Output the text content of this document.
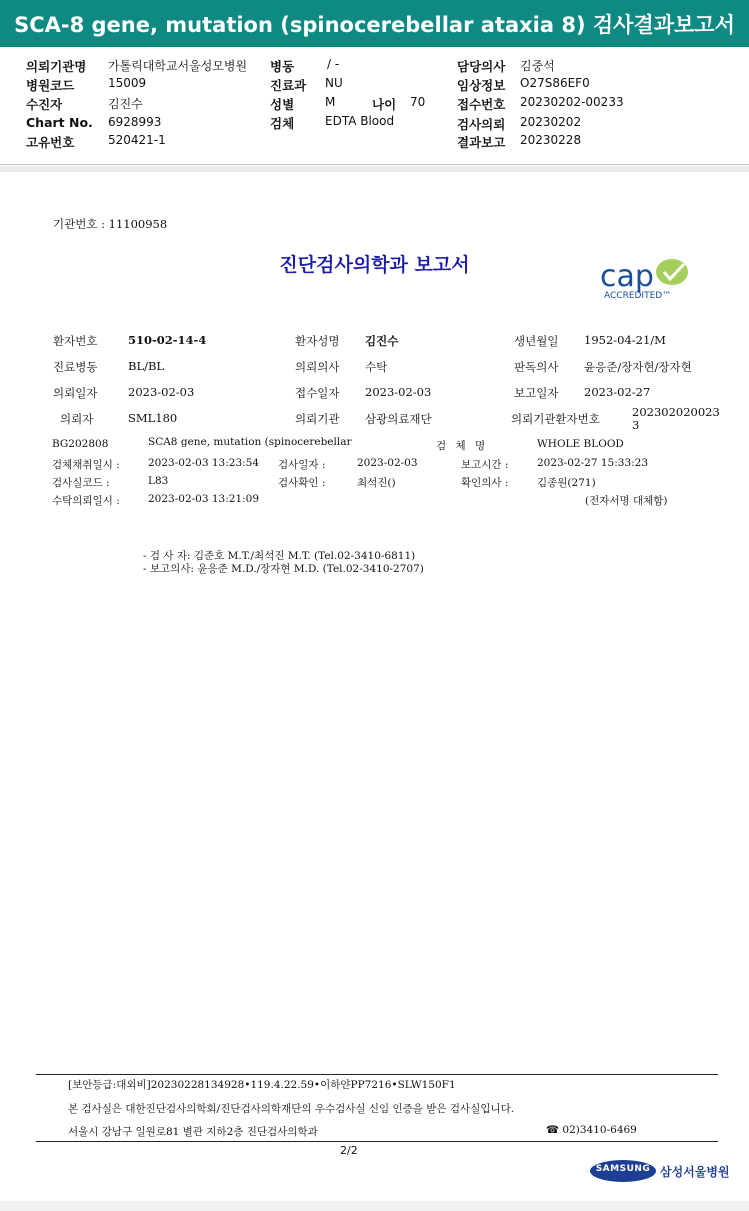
SCA-8 gene, mutation (spinocerebellar ataxia 8) 검사결과보고서
의뢰기관명 가톨릭대학교서울성모병원 병동	/ -	담당의사 김중석
병원코드	15009	진료과 NU	임상정보 O27S86EF0
수진자	김진수	성별	M	나이 70	접수번호 20230202-00233
Chart No. 6928993	검체	EDTA Blood	검사의뢰 20230202
고유번호	520421-1	결과보고 20230228
기관번호 : 11100958
진단검사의학과 보고서	cap
ACCREDITED™
환자번호	510-02-14-4	환자성명 김진수	생년월일 1952-04-21/M
진료병동	BL/BL	의뢰의사 수탁	판독의사 윤응준/장자현/장자현
의뢰일자	2023-02-03	접수일자 2023-02-03	보고일자 2023-02-27
의뢰자	SML180	의뢰기관 삼광의료재단	의뢰기관환자번호	202302020023
3
BG202808	SCA8 gene, mutation (spinocerebellar	검 체 명	WHOLE BLOOD
검체채취일시 :	2023-02-03 13:23:54 검사일자 :	2023-02-03	보고시간 :	2023-02-27 15:33:23
검사실코드 :	L83	검사확인 :	최석진()	확인의사 :	김종원(271)
수탁의뢰일시 :	2023-02-03 13:21:09	(전자서명 대체함)
- 검 사 자: 김준호 M.T./최석진 M.T. (Tel.02-3410-6811)
- 보고의사: 윤응준 M.D./장자현 M.D. (Tel.02-3410-2707)
[보안등급:대외비]20230228134928•119.4.22.59•이하얀PP7216•SLW150F1
본 검사실은 대한진단검사의학회/진단검사의학재단의 우수검사실 신임 인증을 받은 검사실입니다.
서울시 강남구 일원로81 별관 지하2층 진단검사의학과	☎ 02)3410-6469
2/2
SAMSUNG 삼성서울병원
